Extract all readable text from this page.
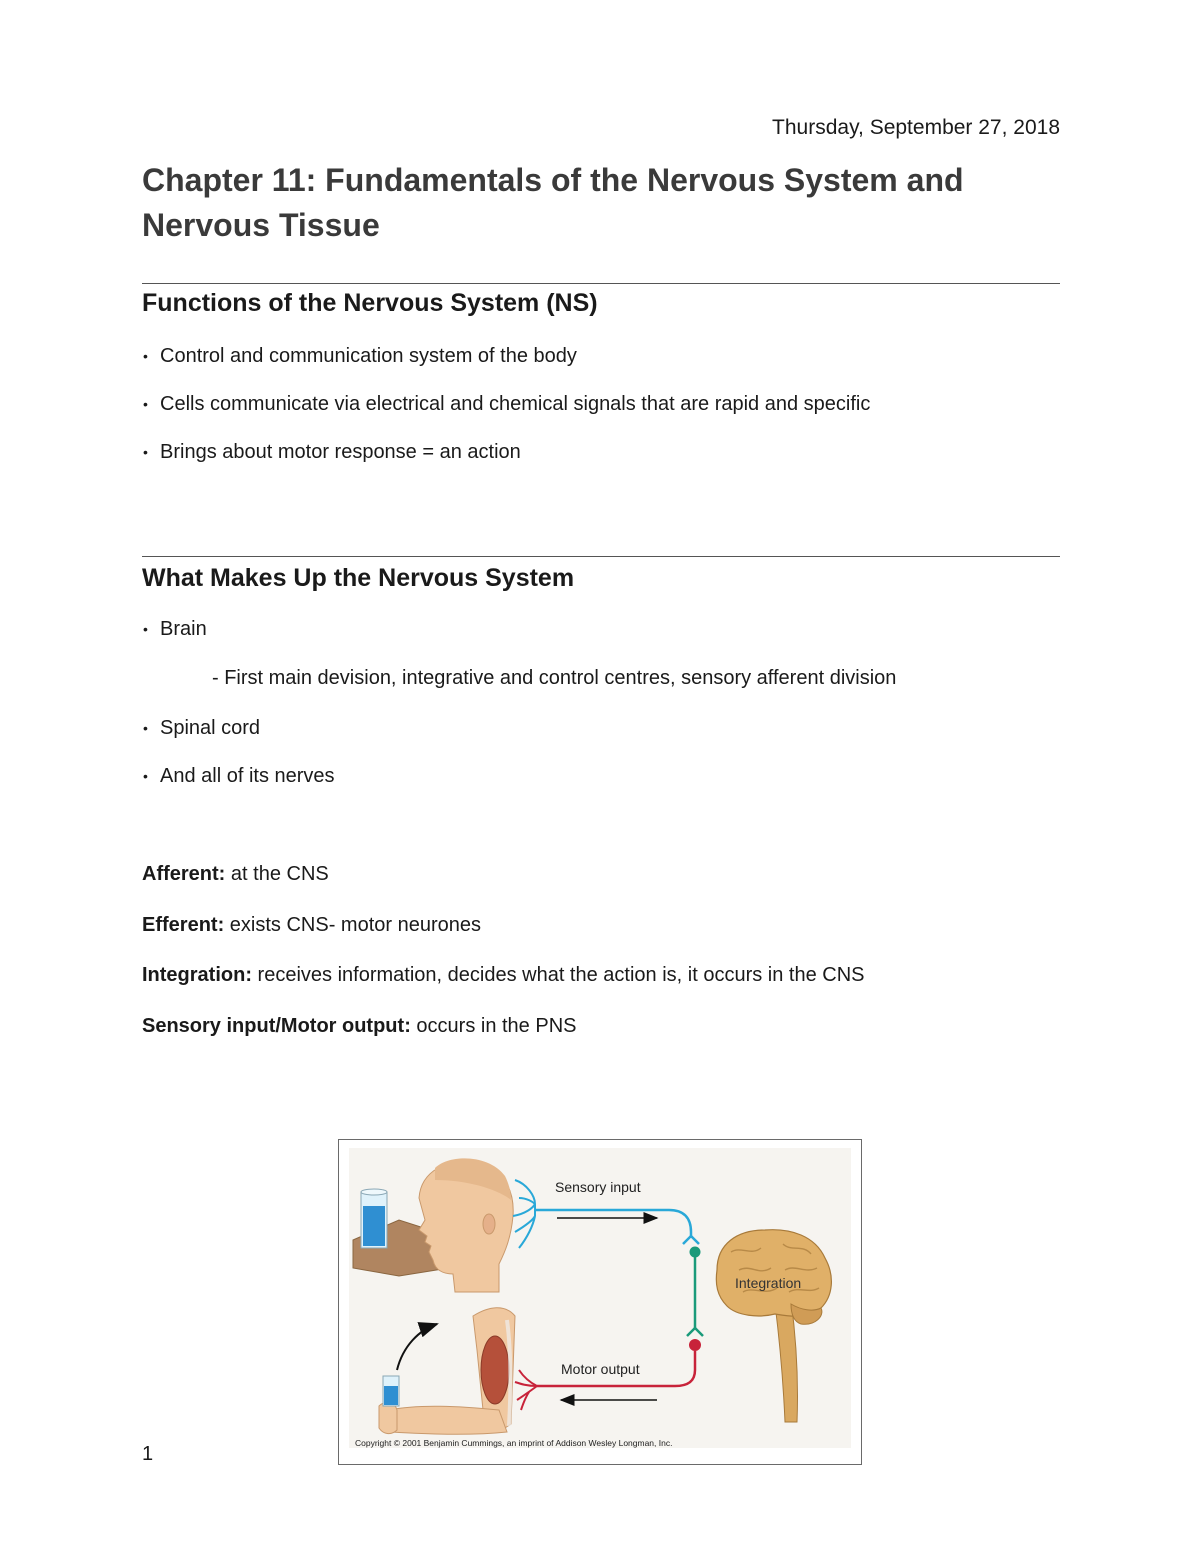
Thursday, September 27, 2018
Chapter 11: Fundamentals of the Nervous System and Nervous Tissue
Functions of the Nervous System (NS)
• Control and communication system of the body
• Cells communicate via electrical and chemical signals that are rapid and specific
• Brings about motor response = an action
What Makes Up the Nervous System
• Brain
- First main devision, integrative and control centres, sensory afferent division
• Spinal cord
• And all of its nerves
Afferent: at the CNS
Efferent: exists CNS- motor neurones
Integration: receives information, decides what the action is, it occurs in the CNS
Sensory input/Motor output: occurs in the PNS
Sensory input
Motor output
Integration
Copyright © 2001 Benjamin Cummings, an imprint of Addison Wesley Longman, Inc.
1
